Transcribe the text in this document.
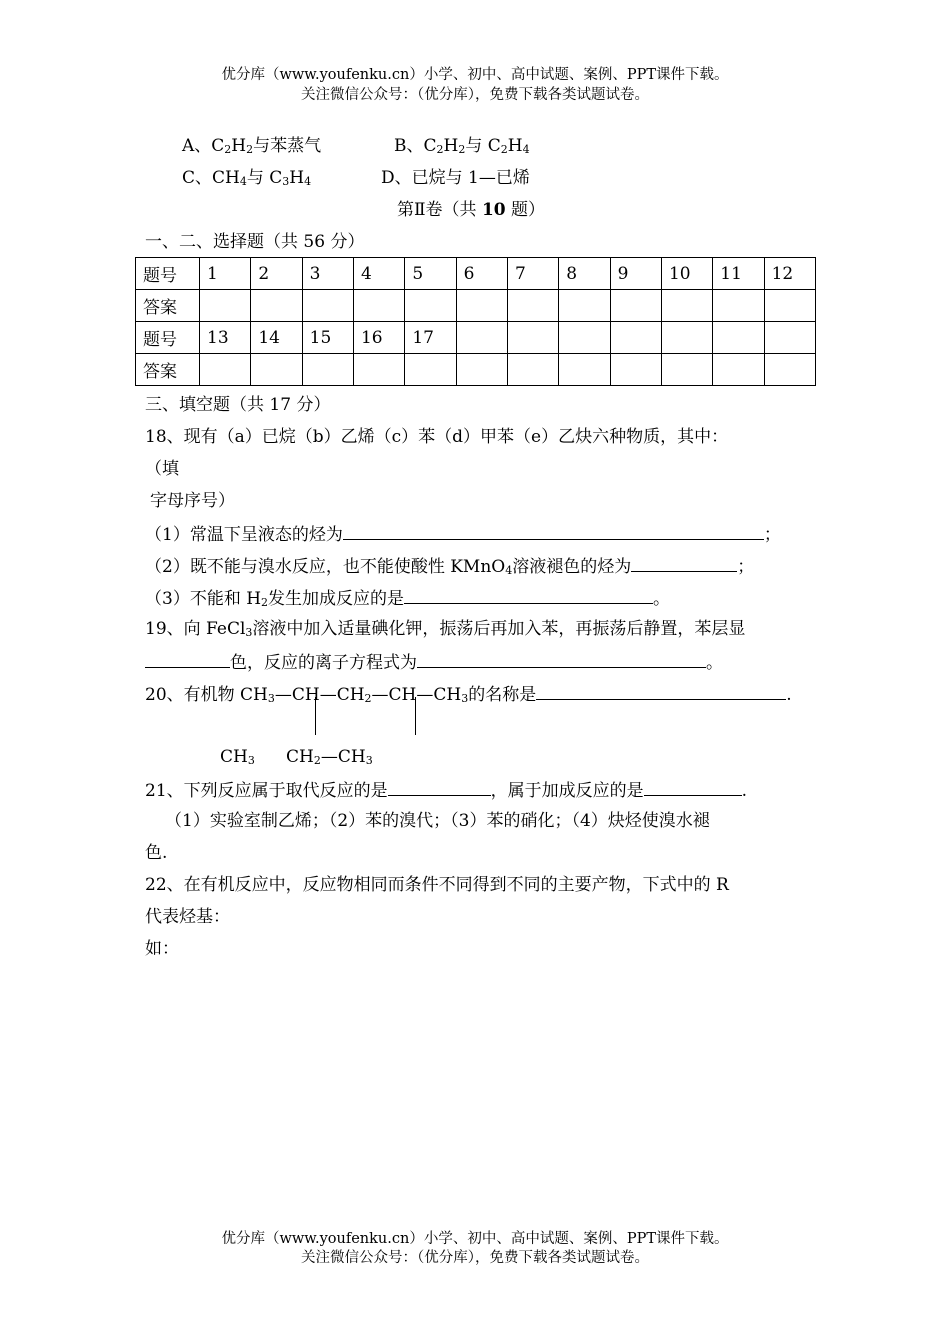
优分库（www.youfenku.cn）小学、初中、高中试题、案例、PPT课件下载。
关注微信公众号：（优分库），免费下载各类试题试卷。
A、$C_2H_2$与苯蒸气	B、$C_2H_2$与 $C_2H_4$
C、$CH_4$与 $C_3H_4$	D、已烷与 1—已烯
第Ⅱ卷（共 10 题）
一、二、选择题（共 56 分）
题号	1	2	3	4	5	6	7	8	9	10	11	12
答案												
题号	13	14	15	16	17							
答案												
三、填空题（共 17 分）
18、现有（a）已烷（b）乙烯（c）苯（d）甲苯（e）乙炔六种物质，其中：
（填
字母序号）
（1）常温下呈液态的烃为	；
（2）既不能与溴水反应，也不能使酸性 KMnO$_4$溶液褪色的烃为	；
（3）不能和 $H_2$发生加成反应的是	。
19、向 FeCl$_3$溶液中加入适量碘化钾，振荡后再加入苯，再振荡后静置，苯层显
色，反应的离子方程式为	。
20、有机物 $CH_3—CH—CH_2—CH—CH_3$的名称是	.
$CH_3$ $CH_2—CH_3$
21、下列反应属于取代反应的是	，属于加成反应的是	.
（1）实验室制乙烯；（2）苯的溴代；（3）苯的硝化；（4）炔烃使溴水褪
色.
22、在有机反应中，反应物相同而条件不同得到不同的主要产物，下式中的 R
代表烃基：
如：
优分库（www.youfenku.cn）小学、初中、高中试题、案例、PPT课件下载。
关注微信公众号：（优分库），免费下载各类试题试卷。
